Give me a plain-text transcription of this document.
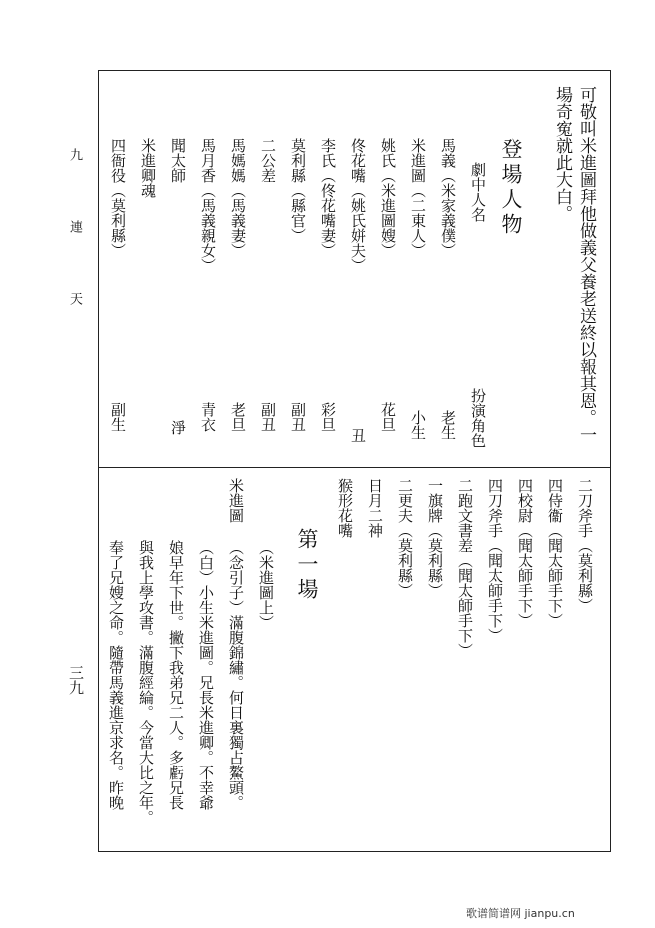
九 連 天
三九
可敬叫米進圖拜他做義父養老送終以報其恩。一
場奇寃就此大白。
登場人物
劇中人名
扮演角色
馬義（米家義僕）
老生
米進圖（二東人）
小生
姚氏（米進圖嫂）
花旦
佟花嘴（姚氏姘夫）
丑
李氏（佟花嘴妻）
彩旦
莫利縣（縣官）
副丑
二公差
副丑
馬媽媽（馬義妻）
老旦
馬月香（馬義親女）
青衣
聞太師
淨
米進卿魂
四衙役（莫利縣）
副生
二刀斧手（莫利縣）
四侍衞（聞太師手下）
四校尉（聞太師手下）
四刀斧手（聞太師手下）
二跑文書差（聞太師手下）
一旗牌（莫利縣）
二更夫（莫利縣）
日月二神
猴形花嘴
第一場
（米進圖上）
米進圖
（念引子）滿腹錦繡。何日裏獨占鰲頭。
（白）小生米進圖。兄長米進卿。不幸爺
娘早年下世。撇下我弟兄二人。多虧兄長
與我上學攻書。滿腹經綸。今當大比之年。
奉了兄嫂之命。隨帶馬義進京求名。昨晚
歌谱简谱网 jianpu.cn
